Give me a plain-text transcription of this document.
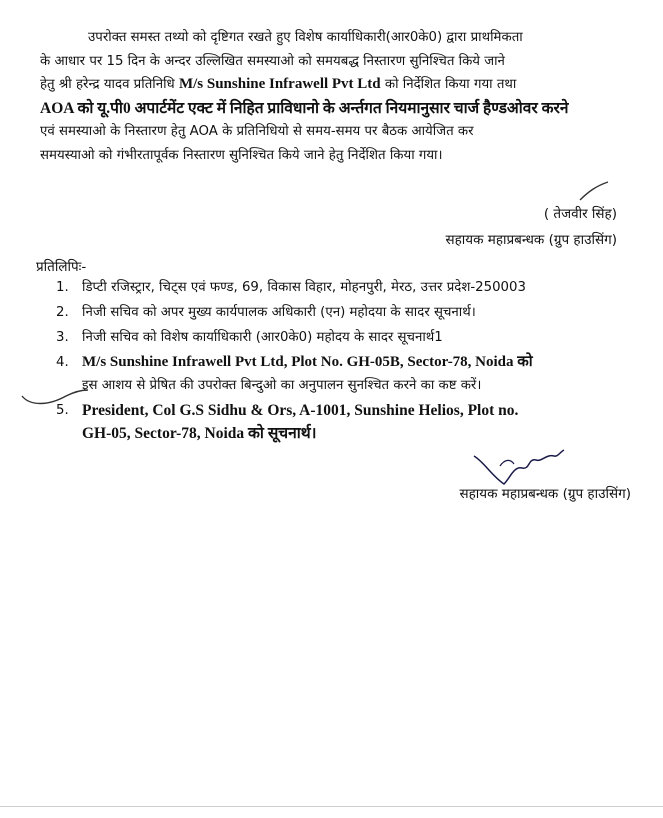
उपरोक्त समस्त तथ्यो को दृष्टिगत रखते हुए विशेष कार्याधिकारी(आर0के0) द्वारा प्राथमिकता
के आधार पर 15 दिन के अन्दर उल्लिखित समस्याओ को समयबद्ध निस्तारण सुनिश्चित किये जाने
हेतु श्री हरेन्द्र यादव प्रतिनिधि M/s Sunshine Infrawell Pvt Ltd को निर्देशित किया गया तथा
AOA को यू.पी0 अपार्टमेंट एक्ट में निहित प्राविधानो के अर्न्तगत नियमानुसार चार्ज हैण्डओवर करने
एवं समस्याओ के निस्तारण हेतु AOA के प्रतिनिधियो से समय-समय पर बैठक आयेजित कर
समयस्याओ को गंभीरतापूर्वक निस्तारण सुनिश्चित किये जाने हेतु निर्देशित किया गया।
( तेजवीर सिंह)
सहायक महाप्रबन्धक (ग्रुप हाउसिंग)
प्रतिलिपिः-
1.	डिप्टी रजिस्ट्रार, चिट्स एवं फण्ड, 69, विकास विहार, मोहनपुरी, मेरठ, उत्तर प्रदेश-250003
2.	निजी सचिव को अपर मुख्य कार्यपालक अधिकारी (एन) महोदया के सादर सूचनार्थ।
3.	निजी सचिव को विशेष कार्याधिकारी (आर0के0) महोदय के सादर सूचनार्थ1
4. M/s Sunshine Infrawell Pvt Ltd, Plot No. GH-05B, Sector-78, Noida को
इस आशय से प्रेषित की उपरोक्त बिन्दुओ का अनुपालन सुनश्चित करने का कष्ट करें।
5. President, Col G.S Sidhu & Ors, A-1001, Sunshine Helios, Plot no.
GH-05, Sector-78, Noida को सूचनार्थ।
सहायक महाप्रबन्धक (ग्रुप हाउसिंग)
